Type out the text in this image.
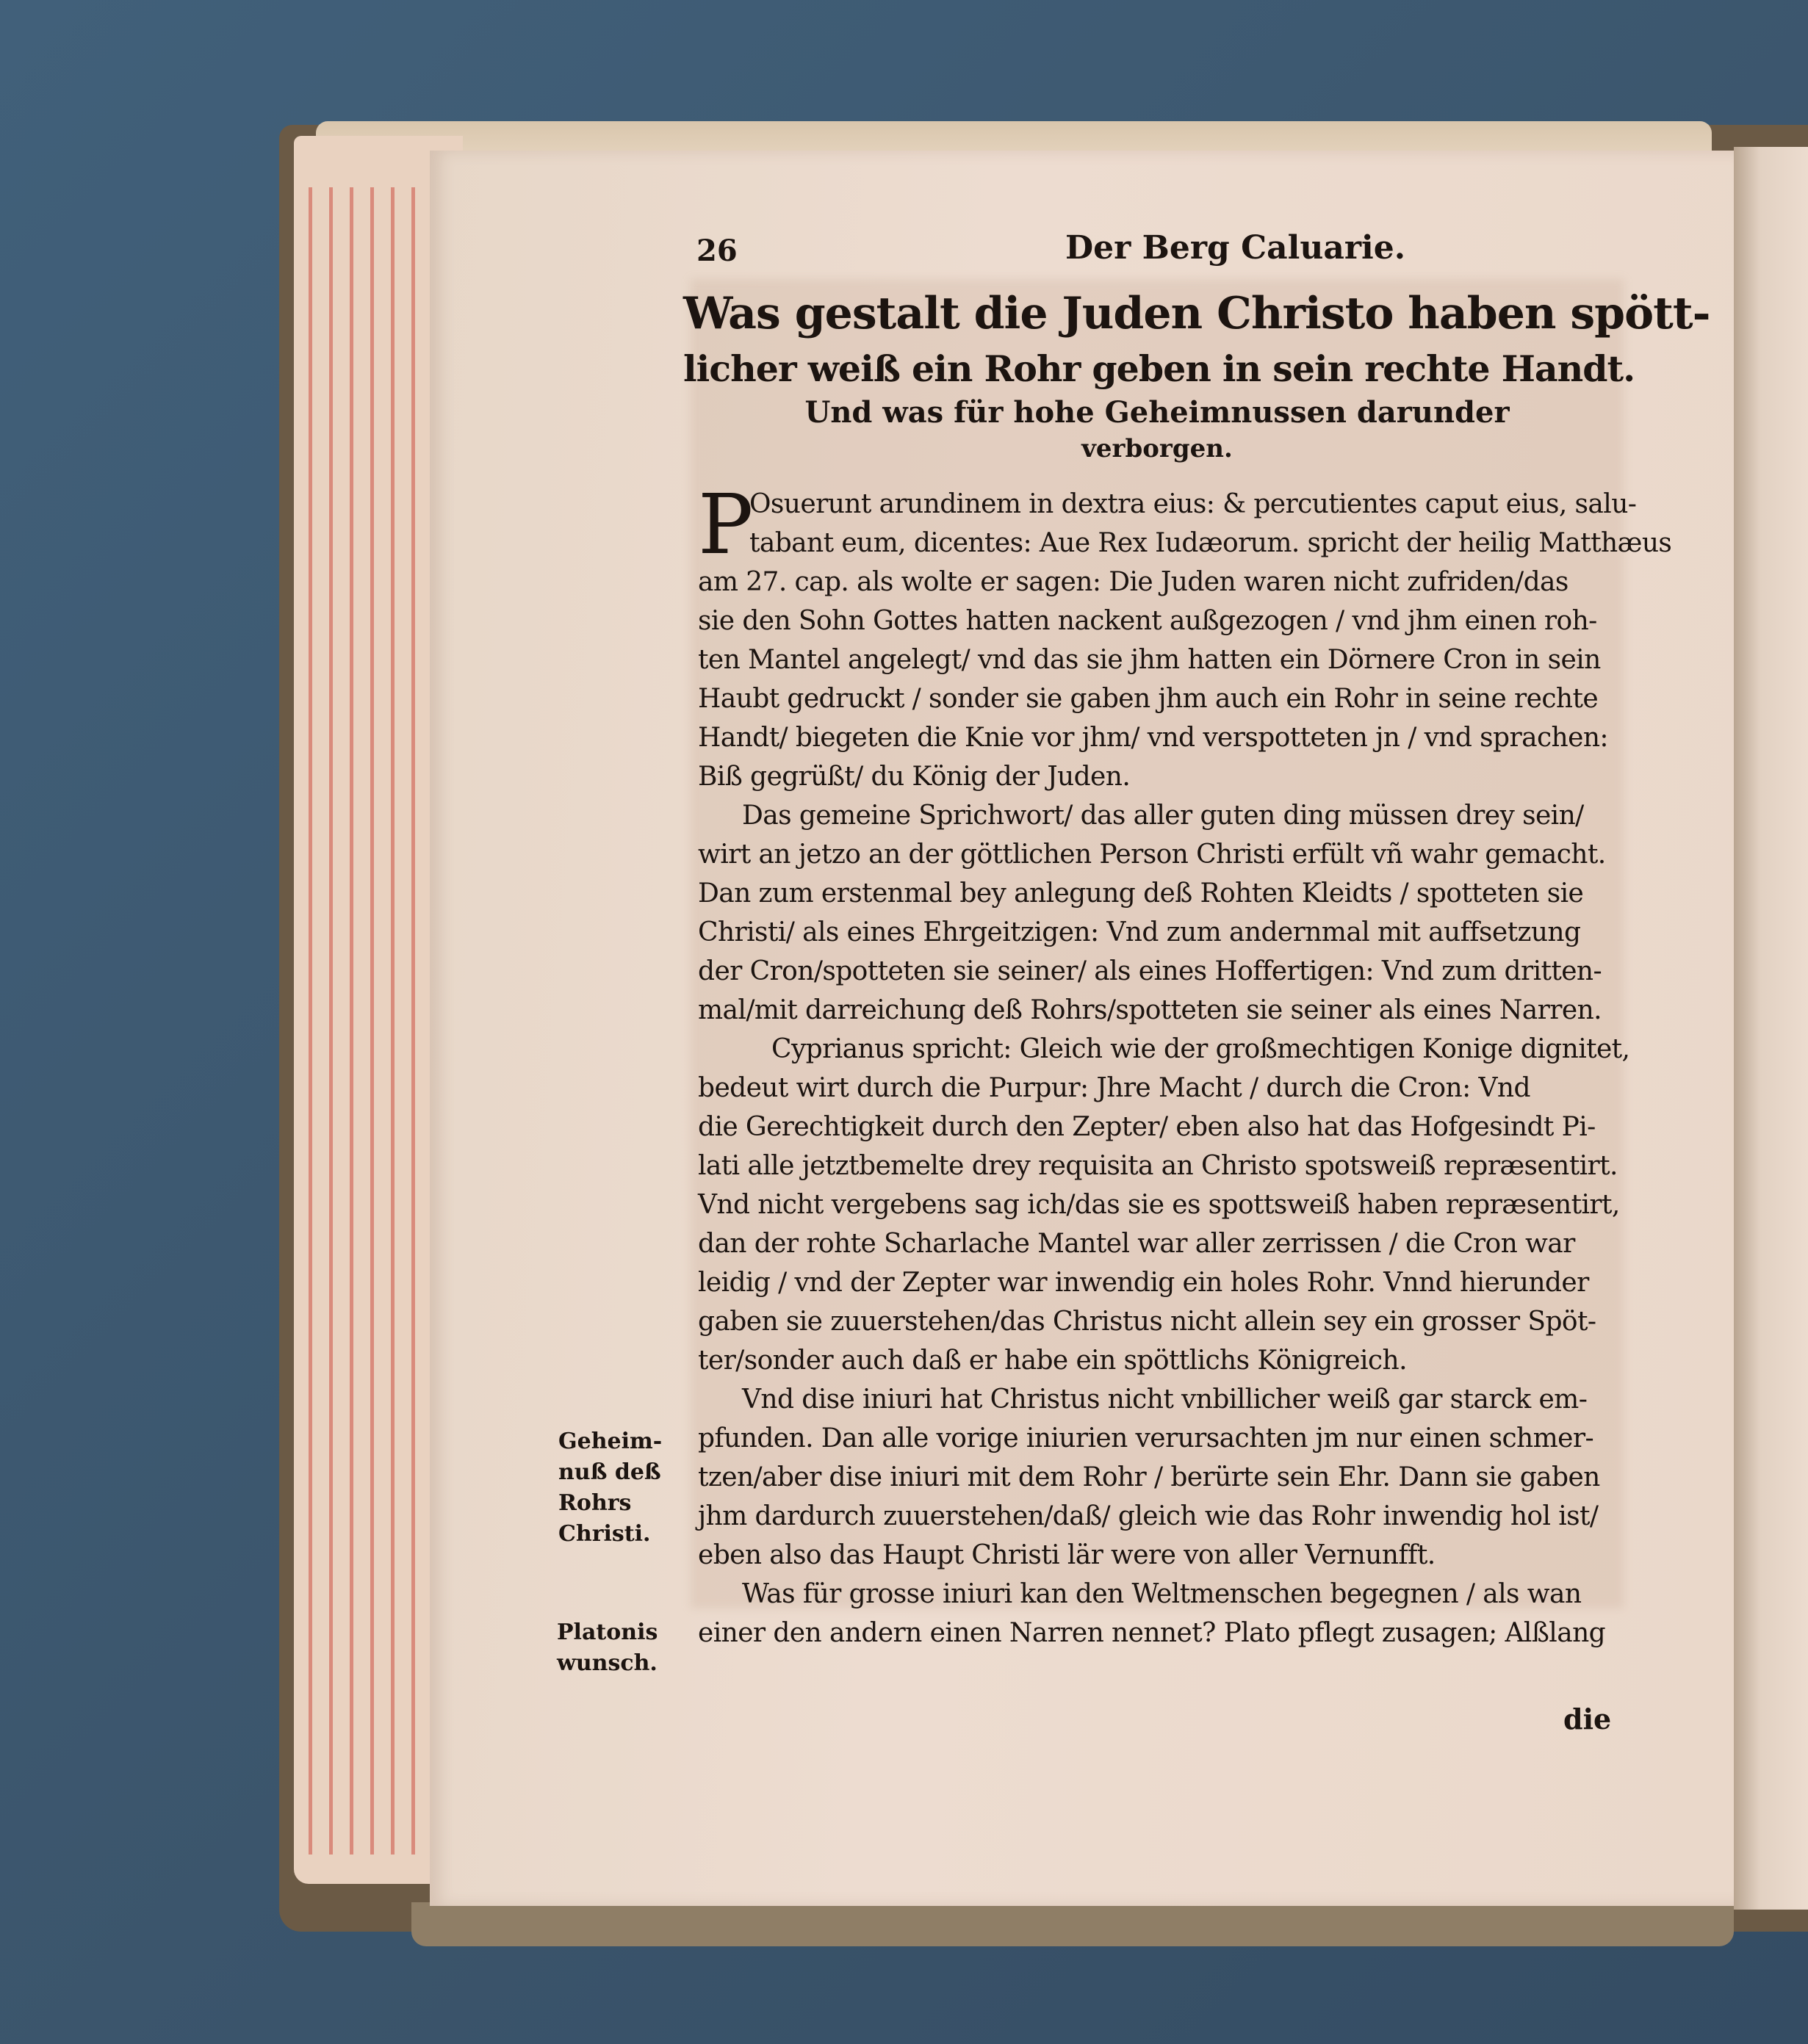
26	Der Berg Caluarie.
Was gestalt die Juden Christo haben spött-
licher weiß ein Rohr geben in sein rechte Handt.
Und was für hohe Geheimnussen darunder
verborgen.
P
Osuerunt arundinem in dextra eius: & percutientes caput eius, salu-
tabant eum, dicentes: Aue Rex Iudæorum. spricht der heilig Matthæus
am 27. cap. als wolte er sagen: Die Juden waren nicht zufriden/das
sie den Sohn Gottes hatten nackent außgezogen / vnd jhm einen roh-
ten Mantel angelegt/ vnd das sie jhm hatten ein Dörnere Cron in sein
Haubt gedruckt / sonder sie gaben jhm auch ein Rohr in seine rechte
Handt/ biegeten die Knie vor jhm/ vnd verspotteten jn / vnd sprachen:
Biß gegrüßt/ du König der Juden.
Das gemeine Sprichwort/ das aller guten ding müssen drey sein/
wirt an jetzo an der göttlichen Person Christi erfült vñ wahr gemacht.
Dan zum erstenmal bey anlegung deß Rohten Kleidts / spotteten sie
Christi/ als eines Ehrgeitzigen: Vnd zum andernmal mit auffsetzung
der Cron/spotteten sie seiner/ als eines Hoffertigen: Vnd zum dritten-
mal/mit darreichung deß Rohrs/spotteten sie seiner als eines Narren.
Cyprianus spricht: Gleich wie der großmechtigen Konige dignitet,
bedeut wirt durch die Purpur: Jhre Macht / durch die Cron: Vnd
die Gerechtigkeit durch den Zepter/ eben also hat das Hofgesindt Pi-
lati alle jetztbemelte drey requisita an Christo spotsweiß repræsentirt.
Vnd nicht vergebens sag ich/das sie es spottsweiß haben repræsentirt,
dan der rohte Scharlache Mantel war aller zerrissen / die Cron war
leidig / vnd der Zepter war inwendig ein holes Rohr. Vnnd hierunder
gaben sie zuuerstehen/das Christus nicht allein sey ein grosser Spöt-
ter/sonder auch daß er habe ein spöttlichs Königreich.
Vnd dise iniuri hat Christus nicht vnbillicher weiß gar starck em-
pfunden. Dan alle vorige iniurien verursachten jm nur einen schmer-
tzen/aber dise iniuri mit dem Rohr / berürte sein Ehr. Dann sie gaben
jhm dardurch zuuerstehen/daß/ gleich wie das Rohr inwendig hol ist/
eben also das Haupt Christi lär were von aller Vernunfft.
Was für grosse iniuri kan den Weltmenschen begegnen / als wan
einer den andern einen Narren nennet? Plato pflegt zusagen; Alßlang
die
Geheim-
nuß deß
Rohrs
Christi.
Platonis
wunsch.
